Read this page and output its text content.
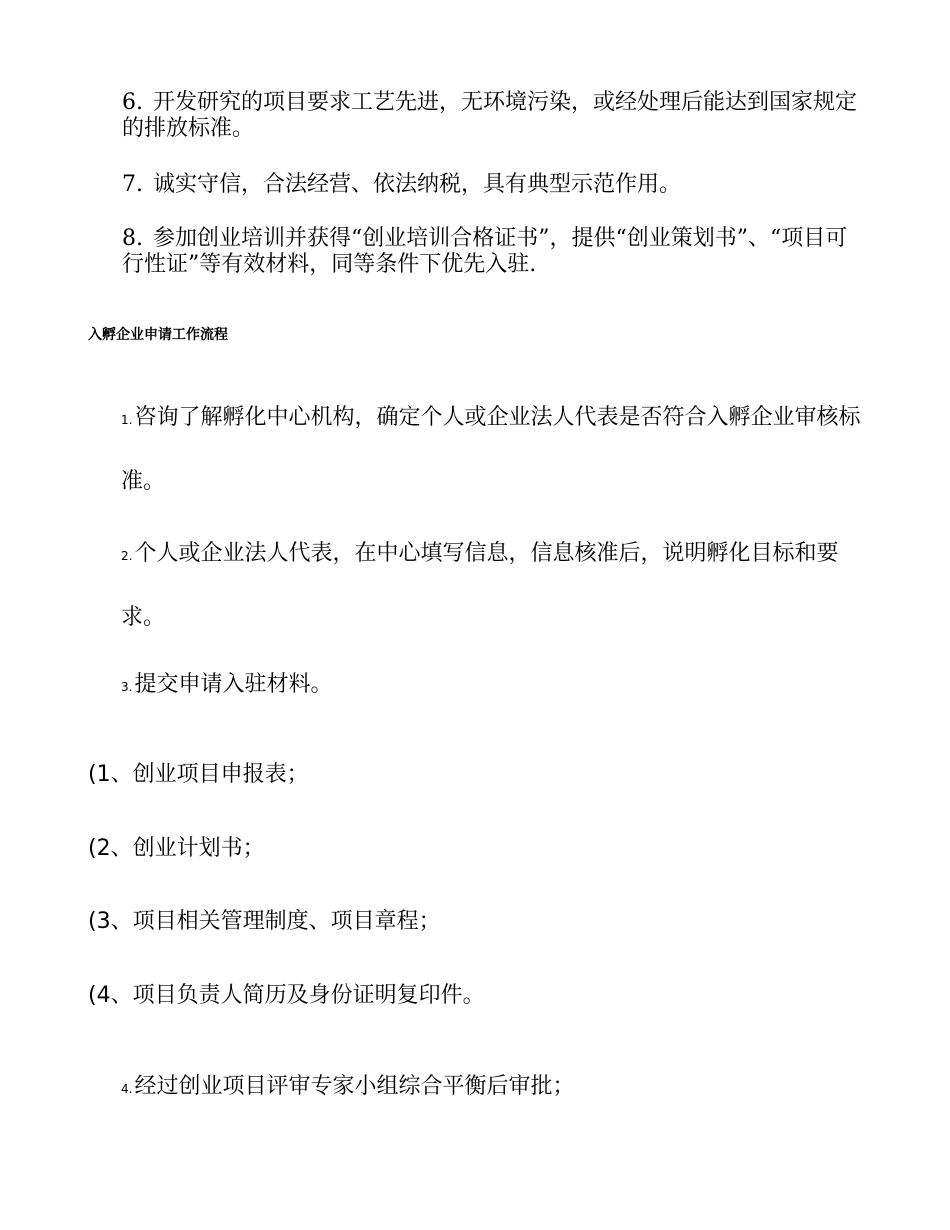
6. 开发研究的项目要求工艺先进，无环境污染，或经处理后能达到国家规定的排放标准。

7. 诚实守信，合法经营、依法纳税，具有典型示范作用。

8. 参加创业培训并获得“创业培训合格证书”，提供“创业策划书”、“项目可行性证”等有效材料，同等条件下优先入驻.

入孵企业申请工作流程

1.咨询了解孵化中心机构，确定个人或企业法人代表是否符合入孵企业审核标准。

2.个人或企业法人代表，在中心填写信息，信息核准后，说明孵化目标和要求。

3.提交申请入驻材料。

(1、创业项目申报表；

(2、创业计划书；

(3、项目相关管理制度、项目章程；

(4、项目负责人简历及身份证明复印件。

4.经过创业项目评审专家小组综合平衡后审批；
